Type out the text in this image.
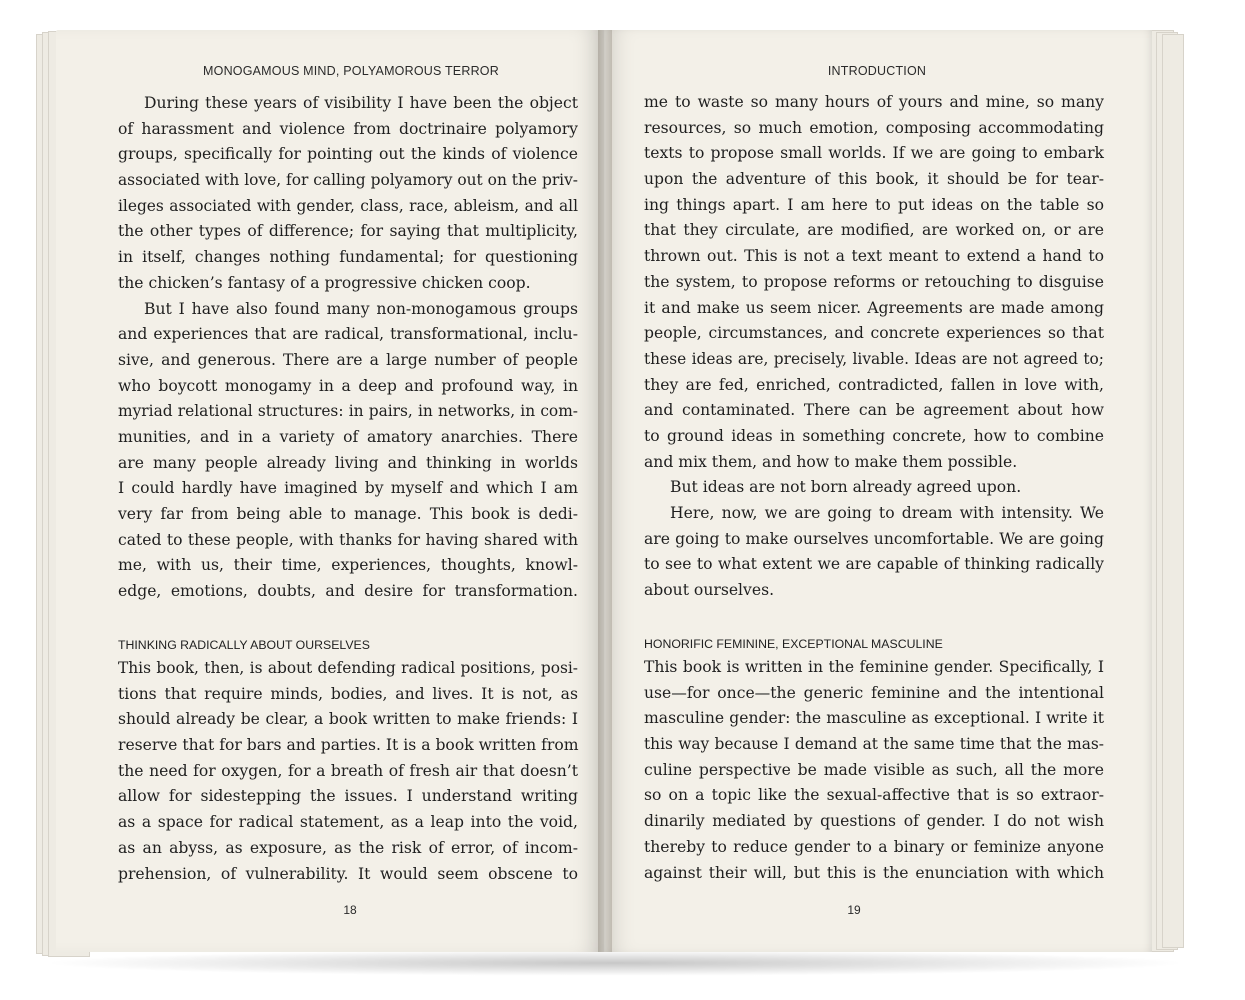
MONOGAMOUS MIND, POLYAMOROUS TERROR
During these years of visibility I have been the object
of harassment and violence from doctrinaire polyamory
groups, specifically for pointing out the kinds of violence
associated with love, for calling polyamory out on the priv-
ileges associated with gender, class, race, ableism, and all
the other types of difference; for saying that multiplicity,
in itself, changes nothing fundamental; for questioning
the chicken’s fantasy of a progressive chicken coop.
But I have also found many non-monogamous groups
and experiences that are radical, transformational, inclu-
sive, and generous. There are a large number of people
who boycott monogamy in a deep and profound way, in
myriad relational structures: in pairs, in networks, in com-
munities, and in a variety of amatory anarchies. There
are many people already living and thinking in worlds
I could hardly have imagined by myself and which I am
very far from being able to manage. This book is dedi-
cated to these people, with thanks for having shared with
me, with us, their time, experiences, thoughts, knowl-
edge, emotions, doubts, and desire for transformation.
THINKING RADICALLY ABOUT OURSELVES
This book, then, is about defending radical positions, posi-
tions that require minds, bodies, and lives. It is not, as
should already be clear, a book written to make friends: I
reserve that for bars and parties. It is a book written from
the need for oxygen, for a breath of fresh air that doesn’t
allow for sidestepping the issues. I understand writing
as a space for radical statement, as a leap into the void,
as an abyss, as exposure, as the risk of error, of incom-
prehension, of vulnerability. It would seem obscene to
18
INTRODUCTION
me to waste so many hours of yours and mine, so many
resources, so much emotion, composing accommodating
texts to propose small worlds. If we are going to embark
upon the adventure of this book, it should be for tear-
ing things apart. I am here to put ideas on the table so
that they circulate, are modified, are worked on, or are
thrown out. This is not a text meant to extend a hand to
the system, to propose reforms or retouching to disguise
it and make us seem nicer. Agreements are made among
people, circumstances, and concrete experiences so that
these ideas are, precisely, livable. Ideas are not agreed to;
they are fed, enriched, contradicted, fallen in love with,
and contaminated. There can be agreement about how
to ground ideas in something concrete, how to combine
and mix them, and how to make them possible.
But ideas are not born already agreed upon.
Here, now, we are going to dream with intensity. We
are going to make ourselves uncomfortable. We are going
to see to what extent we are capable of thinking radically
about ourselves.
HONORIFIC FEMININE, EXCEPTIONAL MASCULINE
This book is written in the feminine gender. Specifically, I
use—for once—the generic feminine and the intentional
masculine gender: the masculine as exceptional. I write it
this way because I demand at the same time that the mas-
culine perspective be made visible as such, all the more
so on a topic like the sexual-affective that is so extraor-
dinarily mediated by questions of gender. I do not wish
thereby to reduce gender to a binary or feminize anyone
against their will, but this is the enunciation with which
19
